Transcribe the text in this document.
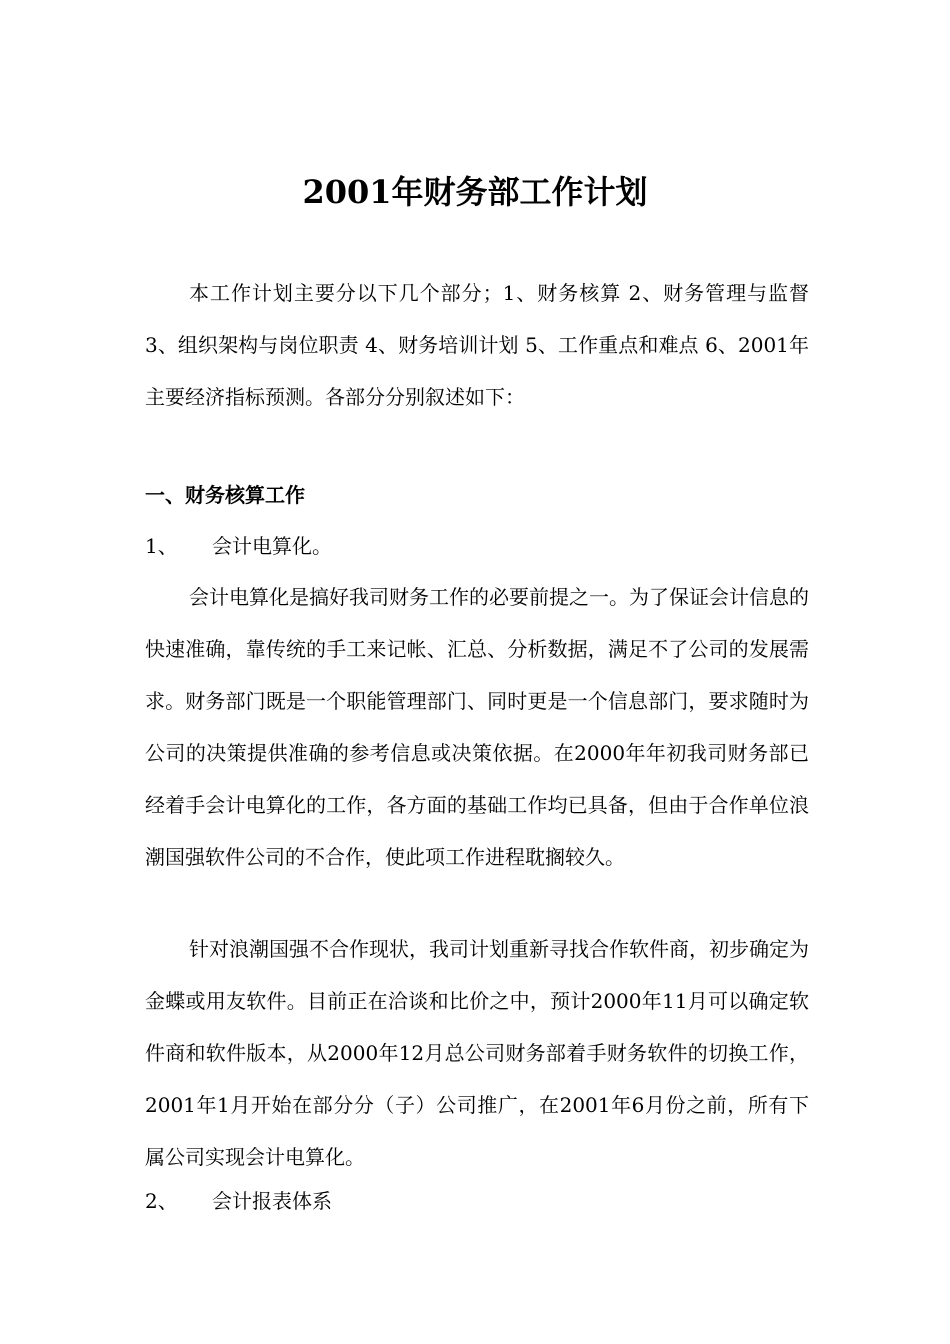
2001年财务部工作计划

本工作计划主要分以下几个部分；1、财务核算 2、财务管理与监督 3、组织架构与岗位职责 4、财务培训计划 5、工作重点和难点 6、2001年主要经济指标预测。各部分分别叙述如下：

一、财务核算工作
1、 会计电算化。

会计电算化是搞好我司财务工作的必要前提之一。为了保证会计信息的快速准确，靠传统的手工来记帐、汇总、分析数据，满足不了公司的发展需求。财务部门既是一个职能管理部门、同时更是一个信息部门，要求随时为公司的决策提供准确的参考信息或决策依据。在2000年年初我司财务部已经着手会计电算化的工作，各方面的基础工作均已具备，但由于合作单位浪潮国强软件公司的不合作，使此项工作进程耽搁较久。

针对浪潮国强不合作现状，我司计划重新寻找合作软件商，初步确定为金蝶或用友软件。目前正在洽谈和比价之中，预计2000年11月可以确定软件商和软件版本，从2000年12月总公司财务部着手财务软件的切换工作，2001年1月开始在部分分（子）公司推广，在2001年6月份之前，所有下属公司实现会计电算化。

2、 会计报表体系
